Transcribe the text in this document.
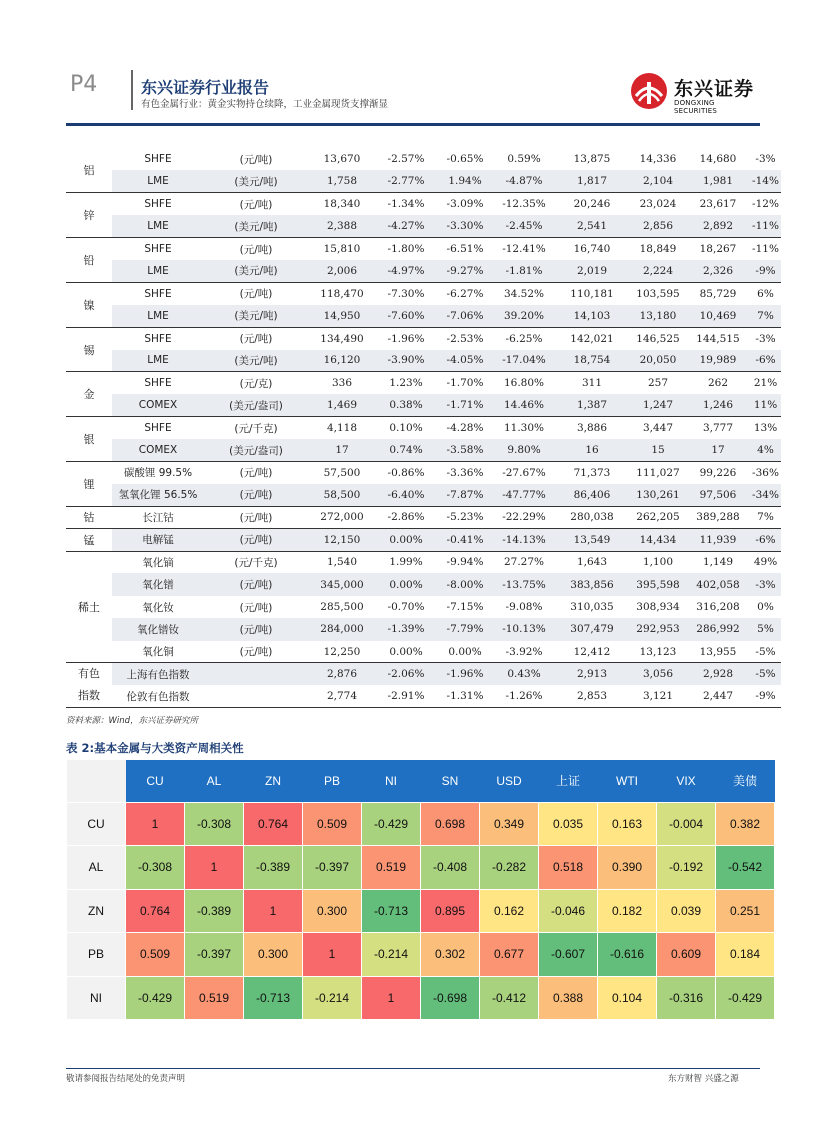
P4	东兴证券行业报告
有色金属行业：黄金实物持仓续降，工业金属现货支撑渐显
东兴证券
DONGXING SECURITIES
铝	SHFE	(元/吨)	13,670	-2.57%	-0.65%	0.59%	13,875	14,336	14,680	-3%
	LME	(美元/吨)	1,758	-2.77%	1.94%	-4.87%	1,817	2,104	1,981	-14%
锌	SHFE	(元/吨)	18,340	-1.34%	-3.09%	-12.35%	20,246	23,024	23,617	-12%
	LME	(美元/吨)	2,388	-4.27%	-3.30%	-2.45%	2,541	2,856	2,892	-11%
铅	SHFE	(元/吨)	15,810	-1.80%	-6.51%	-12.41%	16,740	18,849	18,267	-11%
	LME	(美元/吨)	2,006	-4.97%	-9.27%	-1.81%	2,019	2,224	2,326	-9%
镍	SHFE	(元/吨)	118,470	-7.30%	-6.27%	34.52%	110,181	103,595	85,729	6%
	LME	(美元/吨)	14,950	-7.60%	-7.06%	39.20%	14,103	13,180	10,469	7%
锡	SHFE	(元/吨)	134,490	-1.96%	-2.53%	-6.25%	142,021	146,525	144,515	-3%
	LME	(美元/吨)	16,120	-3.90%	-4.05%	-17.04%	18,754	20,050	19,989	-6%
金	SHFE	(元/克)	336	1.23%	-1.70%	16.80%	311	257	262	21%
	COMEX	(美元/盎司)	1,469	0.38%	-1.71%	14.46%	1,387	1,247	1,246	11%
银	SHFE	(元/千克)	4,118	0.10%	-4.28%	11.30%	3,886	3,447	3,777	13%
	COMEX	(美元/盎司)	17	0.74%	-3.58%	9.80%	16	15	17	4%
锂	碳酸锂 99.5%	(元/吨)	57,500	-0.86%	-3.36%	-27.67%	71,373	111,027	99,226	-36%
	氢氧化锂 56.5%	(元/吨)	58,500	-6.40%	-7.87%	-47.77%	86,406	130,261	97,506	-34%
钴	长江钴	(元/吨)	272,000	-2.86%	-5.23%	-22.29%	280,038	262,205	389,288	7%
锰	电解锰	(元/吨)	12,150	0.00%	-0.41%	-14.13%	13,549	14,434	11,939	-6%
稀土	氧化镝	(元/千克)	1,540	1.99%	-9.94%	27.27%	1,643	1,100	1,149	49%
	氧化镨	(元/吨)	345,000	0.00%	-8.00%	-13.75%	383,856	395,598	402,058	-3%
	氧化钕	(元/吨)	285,500	-0.70%	-7.15%	-9.08%	310,035	308,934	316,208	0%
	氧化镨钕	(元/吨)	284,000	-1.39%	-7.79%	-10.13%	307,479	292,953	286,992	5%
	氧化铜	(元/吨)	12,250	0.00%	0.00%	-3.92%	12,412	13,123	13,955	-5%

有色
指数	上海有色指数		2,876	-2.06%	-1.96%	0.43%	2,913	3,056	2,928	-5%
	伦敦有色指数		2,774	-2.91%	-1.31%	-1.26%	2,853	3,121	2,447	-9%
资料来源：Wind，东兴证券研究所
表 2:基本金属与大类资产周相关性
	CU	AL	ZN	PB	NI	SN	USD	上证	WTI	VIX	美债
CU	1	-0.308	0.764	0.509	-0.429	0.698	0.349	0.035	0.163	-0.004	0.382
AL	-0.308	1	-0.389	-0.397	0.519	-0.408	-0.282	0.518	0.390	-0.192	-0.542
ZN	0.764	-0.389	1	0.300	-0.713	0.895	0.162	-0.046	0.182	0.039	0.251
PB	0.509	-0.397	0.300	1	-0.214	0.302	0.677	-0.607	-0.616	0.609	0.184
NI	-0.429	0.519	-0.713	-0.214	1	-0.698	-0.412	0.388	0.104	-0.316	-0.429
敬请参阅报告结尾处的免责声明	东方财智 兴盛之源
